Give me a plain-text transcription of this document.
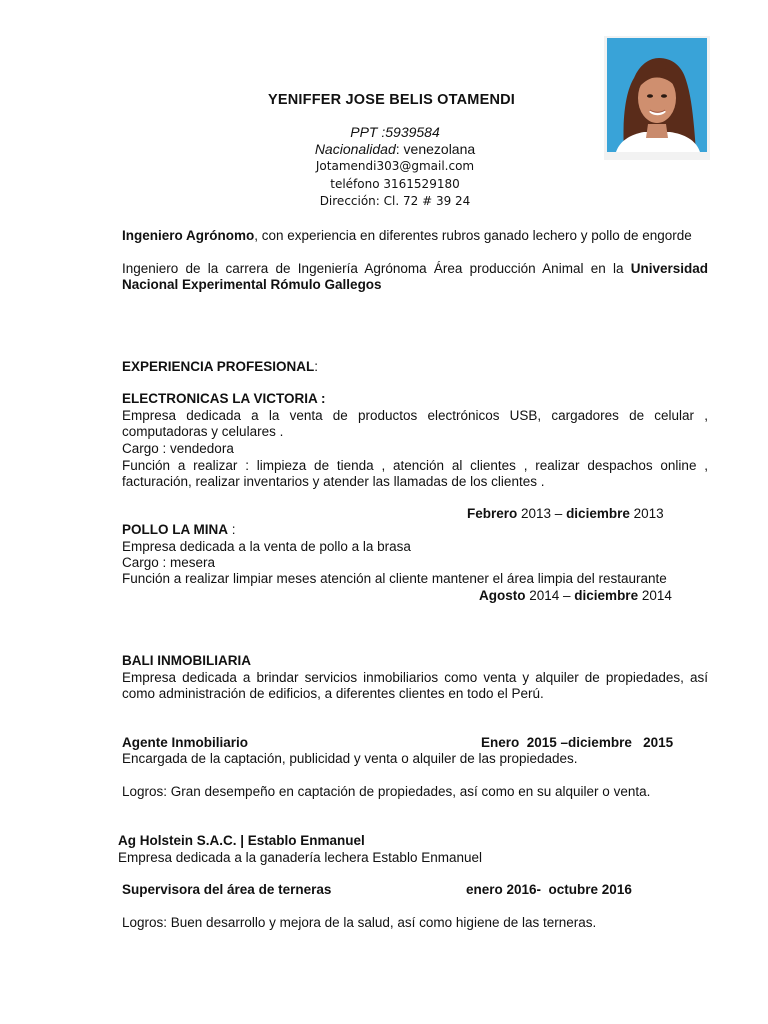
YENIFFER JOSE BELIS OTAMENDI
PPT :5939584
Nacionalidad: venezolana
Jotamendi303@gmail.com
teléfono 3161529180
Dirección: Cl. 72 # 39 24
Ingeniero Agrónomo, con experiencia en diferentes rubros ganado lechero y pollo de engorde
Ingeniero de la carrera de Ingeniería Agrónoma Área producción Animal en la Universidad
Nacional Experimental Rómulo Gallegos
EXPERIENCIA PROFESIONAL:
ELECTRONICAS LA VICTORIA :
Empresa dedicada a la venta de productos electrónicos USB, cargadores de celular , computadoras y celulares .
Cargo : vendedora
Función a realizar : limpieza de tienda , atención al clientes , realizar despachos online , facturación, realizar inventarios y atender las llamadas de los clientes .
Febrero 2013 – diciembre 2013
POLLO LA MINA :
Empresa dedicada a la venta de pollo a la brasa
Cargo : mesera
Función a realizar limpiar meses atención al cliente mantener el área limpia del restaurante
Agosto 2014 – diciembre 2014
BALI INMOBILIARIA
Empresa dedicada a brindar servicios inmobiliarios como venta y alquiler de propiedades, así como administración de edificios, a diferentes clientes en todo el Perú.
Agente Inmobiliario	Enero  2015 –diciembre   2015
Encargada de la captación, publicidad y venta o alquiler de las propiedades.
Logros: Gran desempeño en captación de propiedades, así como en su alquiler o venta.
Ag Holstein S.A.C. | Establo Enmanuel
Empresa dedicada a la ganadería lechera Establo Enmanuel
Supervisora del área de terneras	enero 2016-  octubre 2016
Logros: Buen desarrollo y mejora de la salud, así como higiene de las terneras.
